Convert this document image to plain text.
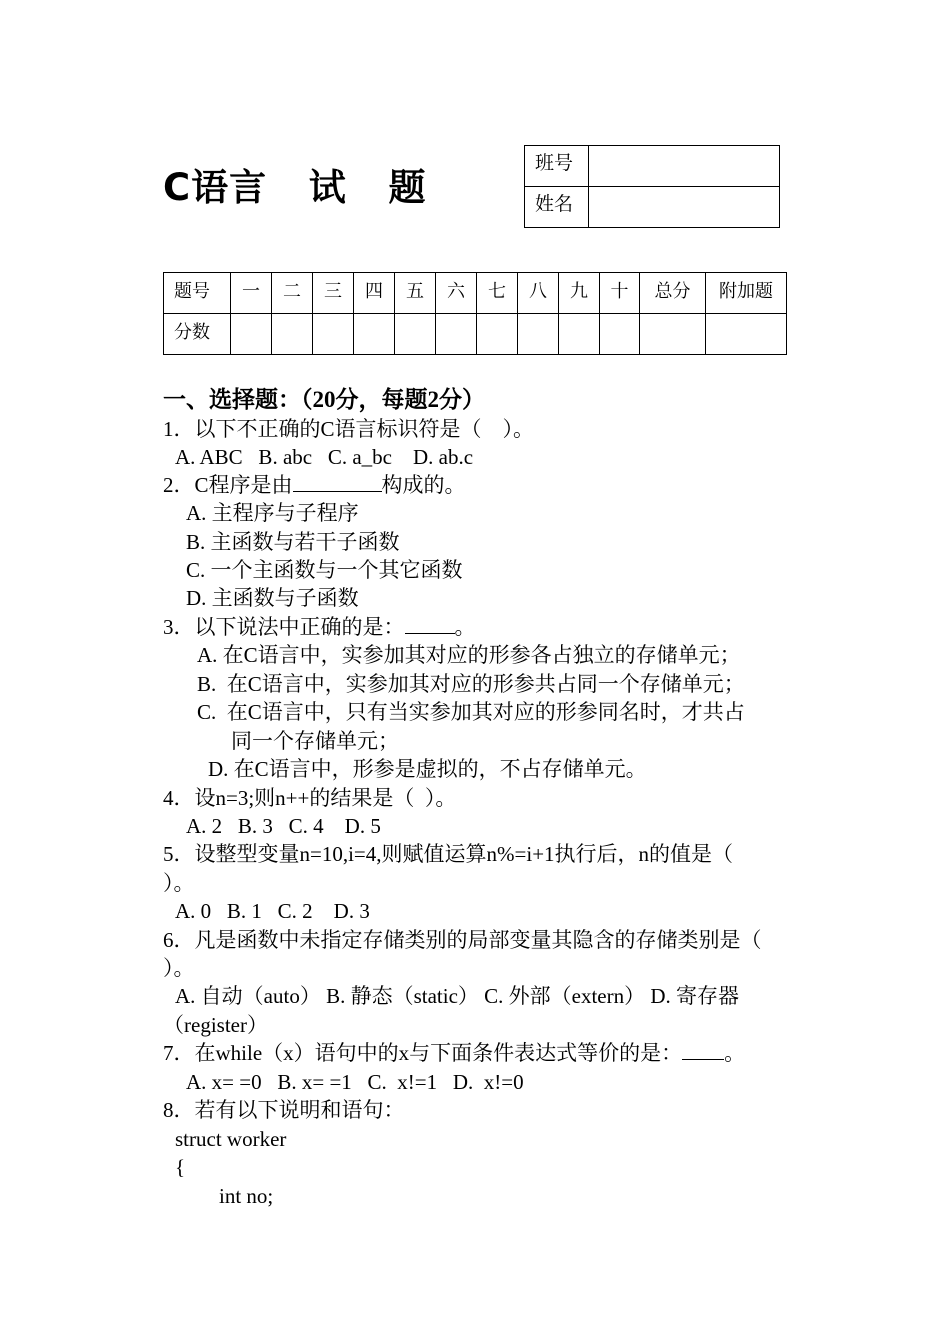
C语言   试   题
班号	
姓名	
题号	一	二	三	四	五	六	七	八	九	十	总分	附加题
分数												
一、选择题：（20分，每题2分）
1．以下不正确的C语言标识符是（    ）。
A. ABC   B. abc   C. a_bc    D. ab.c
2．C程序是由	构成的。
A. 主程序与子程序
B. 主函数与若干子函数
C. 一个主函数与一个其它函数
D. 主函数与子函数
3．以下说法中正确的是： 。
A. 在C语言中，实参加其对应的形参各占独立的存储单元；
B.  在C语言中，实参加其对应的形参共占同一个存储单元；
C.  在C语言中，只有当实参加其对应的形参同名时，才共占
同一个存储单元；
D. 在C语言中，形参是虚拟的，不占存储单元。
4．设n=3;则n++的结果是（  ）。
A. 2   B. 3   C. 4    D. 5
5．设整型变量n=10,i=4,则赋值运算n%=i+1执行后，n的值是（
）。
A. 0   B. 1   C. 2    D. 3
6．凡是函数中未指定存储类别的局部变量其隐含的存储类别是（
）。
A. 自动（auto） B. 静态（static） C. 外部（extern） D. 寄存器
（register）
7．在while（x）语句中的x与下面条件表达式等价的是： 。
A. x= =0   B. x= =1   C.  x!=1   D.  x!=0
8．若有以下说明和语句：
struct worker
{
int no;
